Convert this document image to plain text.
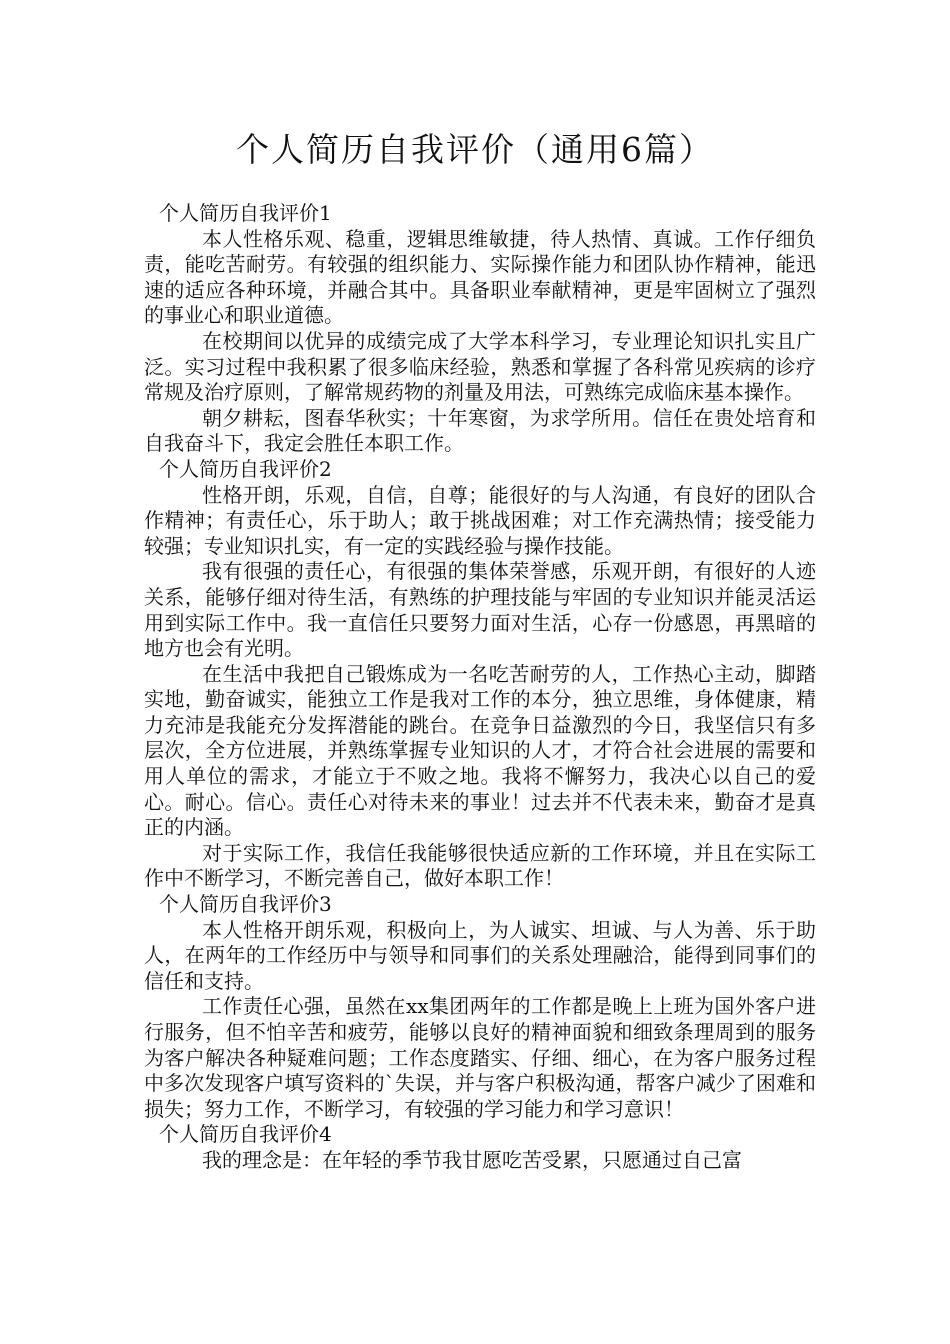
个人简历自我评价（通用6篇）
个人简历自我评价1

本人性格乐观、稳重，逻辑思维敏捷，待人热情、真诚。工作仔细负责，能吃苦耐劳。有较强的组织能力、实际操作能力和团队协作精神，能迅速的适应各种环境，并融合其中。具备职业奉献精神，更是牢固树立了强烈的事业心和职业道德。

在校期间以优异的成绩完成了大学本科学习，专业理论知识扎实且广泛。实习过程中我积累了很多临床经验，熟悉和掌握了各科常见疾病的诊疗常规及治疗原则，了解常规药物的剂量及用法，可熟练完成临床基本操作。

朝夕耕耘，图春华秋实；十年寒窗，为求学所用。信任在贵处培育和自我奋斗下，我定会胜任本职工作。

个人简历自我评价2

性格开朗，乐观，自信，自尊；能很好的与人沟通，有良好的团队合作精神；有责任心，乐于助人；敢于挑战困难；对工作充满热情；接受能力较强；专业知识扎实，有一定的实践经验与操作技能。

我有很强的责任心，有很强的集体荣誉感，乐观开朗，有很好的人迹关系，能够仔细对待生活，有熟练的护理技能与牢固的专业知识并能灵活运用到实际工作中。我一直信任只要努力面对生活，心存一份感恩，再黑暗的地方也会有光明。

在生活中我把自己锻炼成为一名吃苦耐劳的人，工作热心主动，脚踏实地，勤奋诚实，能独立工作是我对工作的本分，独立思维，身体健康，精力充沛是我能充分发挥潜能的跳台。在竞争日益激烈的今日，我坚信只有多层次，全方位进展，并熟练掌握专业知识的人才，才符合社会进展的需要和用人单位的需求，才能立于不败之地。我将不懈努力，我决心以自己的爱心。耐心。信心。责任心对待未来的事业！过去并不代表未来，勤奋才是真正的内涵。

对于实际工作，我信任我能够很快适应新的工作环境，并且在实际工作中不断学习，不断完善自己，做好本职工作！

个人简历自我评价3

本人性格开朗乐观，积极向上，为人诚实、坦诚、与人为善、乐于助人，在两年的工作经历中与领导和同事们的关系处理融洽，能得到同事们的信任和支持。

工作责任心强，虽然在xx集团两年的工作都是晚上上班为国外客户进行服务，但不怕辛苦和疲劳，能够以良好的精神面貌和细致条理周到的服务为客户解决各种疑难问题；工作态度踏实、仔细、细心，在为客户服务过程中多次发现客户填写资料的`失误，并与客户积极沟通，帮客户减少了困难和损失；努力工作，不断学习，有较强的学习能力和学习意识！

个人简历自我评价4

我的理念是：在年轻的季节我甘愿吃苦受累，只愿通过自己富
